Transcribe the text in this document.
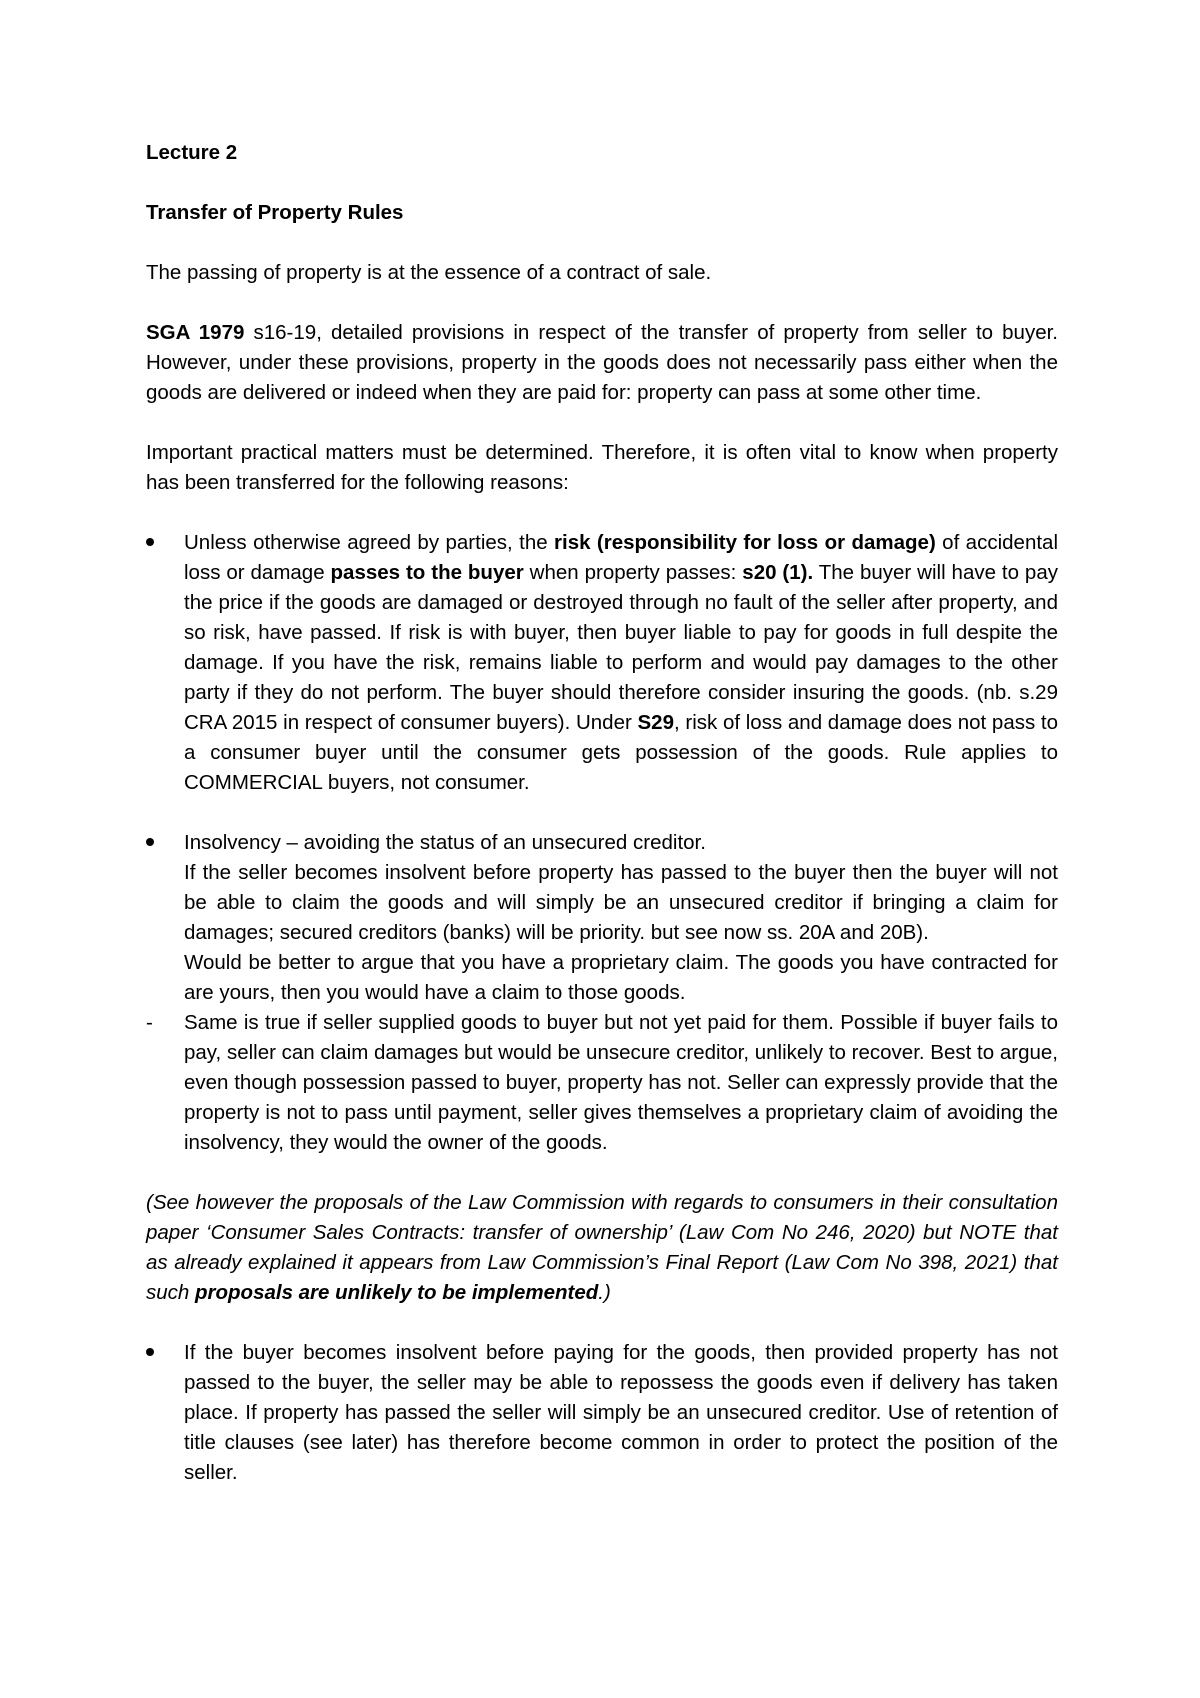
Lecture 2

Transfer of Property Rules

The passing of property is at the essence of a contract of sale.

SGA 1979 s16-19, detailed provisions in respect of the transfer of property from seller to buyer. However, under these provisions, property in the goods does not necessarily pass either when the goods are delivered or indeed when they are paid for: property can pass at some other time.

Important practical matters must be determined. Therefore, it is often vital to know when property has been transferred for the following reasons:

Unless otherwise agreed by parties, the risk (responsibility for loss or damage) of accidental loss or damage passes to the buyer when property passes: s20 (1). The buyer will have to pay the price if the goods are damaged or destroyed through no fault of the seller after property, and so risk, have passed. If risk is with buyer, then buyer liable to pay for goods in full despite the damage. If you have the risk, remains liable to perform and would pay damages to the other party if they do not perform. The buyer should therefore consider insuring the goods. (nb. s.29 CRA 2015 in respect of consumer buyers). Under S29, risk of loss and damage does not pass to a consumer buyer until the consumer gets possession of the goods. Rule applies to COMMERCIAL buyers, not consumer.

Insolvency – avoiding the status of an unsecured creditor.

If the seller becomes insolvent before property has passed to the buyer then the buyer will not be able to claim the goods and will simply be an unsecured creditor if bringing a claim for damages; secured creditors (banks) will be priority. but see now ss. 20A and 20B).

Would be better to argue that you have a proprietary claim. The goods you have contracted for are yours, then you would have a claim to those goods.

-	Same is true if seller supplied goods to buyer but not yet paid for them. Possible if buyer fails to pay, seller can claim damages but would be unsecure creditor, unlikely to recover. Best to argue, even though possession passed to buyer, property has not. Seller can expressly provide that the property is not to pass until payment, seller gives themselves a proprietary claim of avoiding the insolvency, they would the owner of the goods.

(See however the proposals of the Law Commission with regards to consumers in their consultation paper ‘Consumer Sales Contracts: transfer of ownership’ (Law Com No 246, 2020) but NOTE that as already explained it appears from Law Commission’s Final Report (Law Com No 398, 2021) that such proposals are unlikely to be implemented.)

If the buyer becomes insolvent before paying for the goods, then provided property has not passed to the buyer, the seller may be able to repossess the goods even if delivery has taken place. If property has passed the seller will simply be an unsecured creditor. Use of retention of title clauses (see later) has therefore become common in order to protect the position of the seller.
